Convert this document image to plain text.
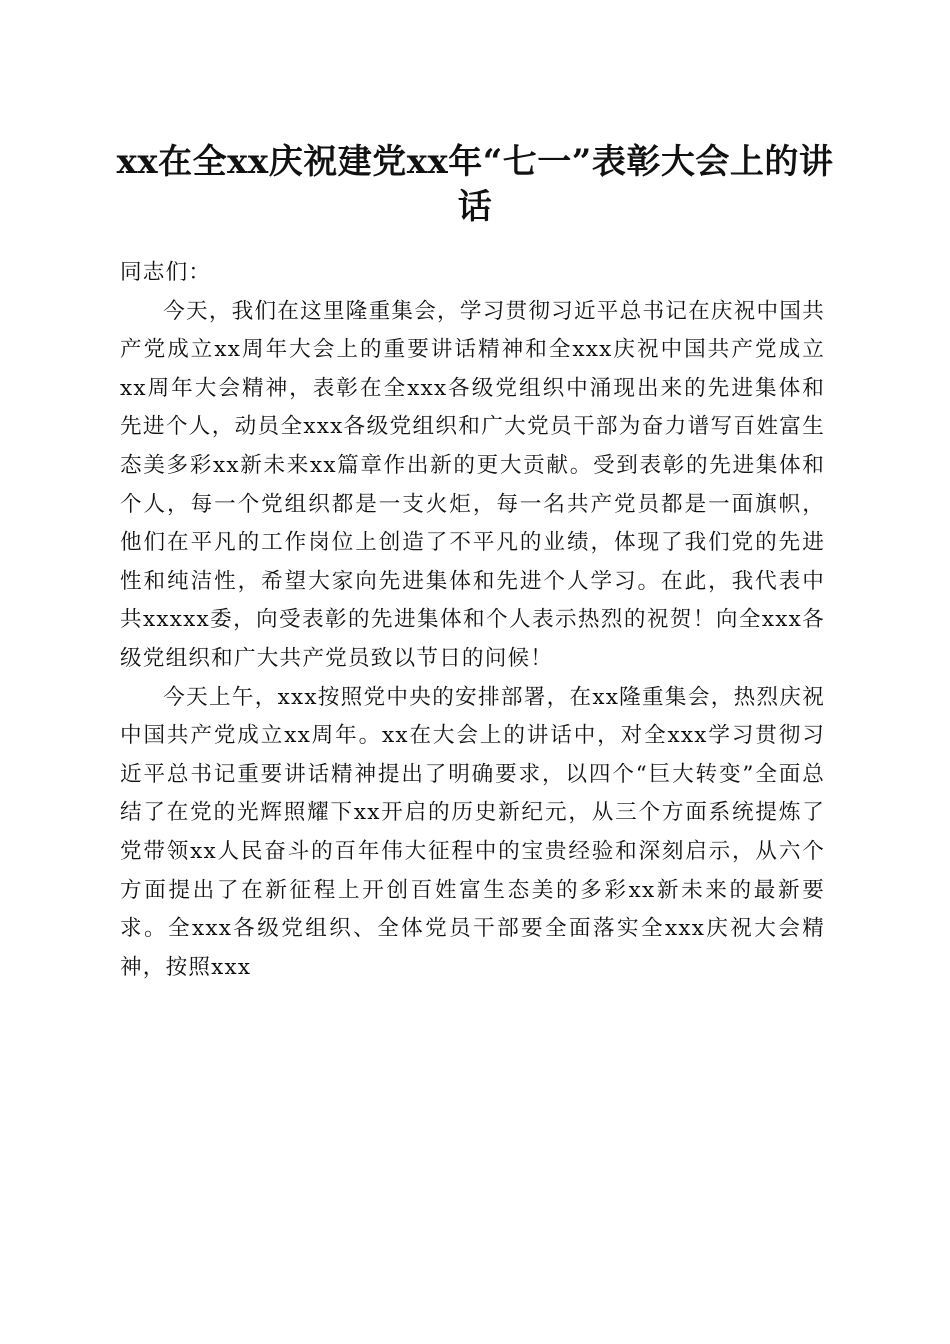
xx在全xx庆祝建党xx年“七一”表彰大会上的讲话

同志们：

今天，我们在这里隆重集会，学习贯彻习近平总书记在庆祝中国共产党成立xx周年大会上的重要讲话精神和全xxx庆祝中国共产党成立xx周年大会精神，表彰在全xxx各级党组织中涌现出来的先进集体和先进个人，动员全xxx各级党组织和广大党员干部为奋力谱写百姓富生态美多彩xx新未来xx篇章作出新的更大贡献。受到表彰的先进集体和个人，每一个党组织都是一支火炬，每一名共产党员都是一面旗帜，他们在平凡的工作岗位上创造了不平凡的业绩，体现了我们党的先进性和纯洁性，希望大家向先进集体和先进个人学习。在此，我代表中共xxxxx委，向受表彰的先进集体和个人表示热烈的祝贺！向全xxx各级党组织和广大共产党员致以节日的问候！

今天上午，xxx按照党中央的安排部署，在xx隆重集会，热烈庆祝中国共产党成立xx周年。xx在大会上的讲话中，对全xxx学习贯彻习近平总书记重要讲话精神提出了明确要求，以四个“巨大转变”全面总结了在党的光辉照耀下xx开启的历史新纪元，从三个方面系统提炼了党带领xx人民奋斗的百年伟大征程中的宝贵经验和深刻启示，从六个方面提出了在新征程上开创百姓富生态美的多彩xx新未来的最新要求。全xxx各级党组织、全体党员干部要全面落实全xxx庆祝大会精神，按照xxx
